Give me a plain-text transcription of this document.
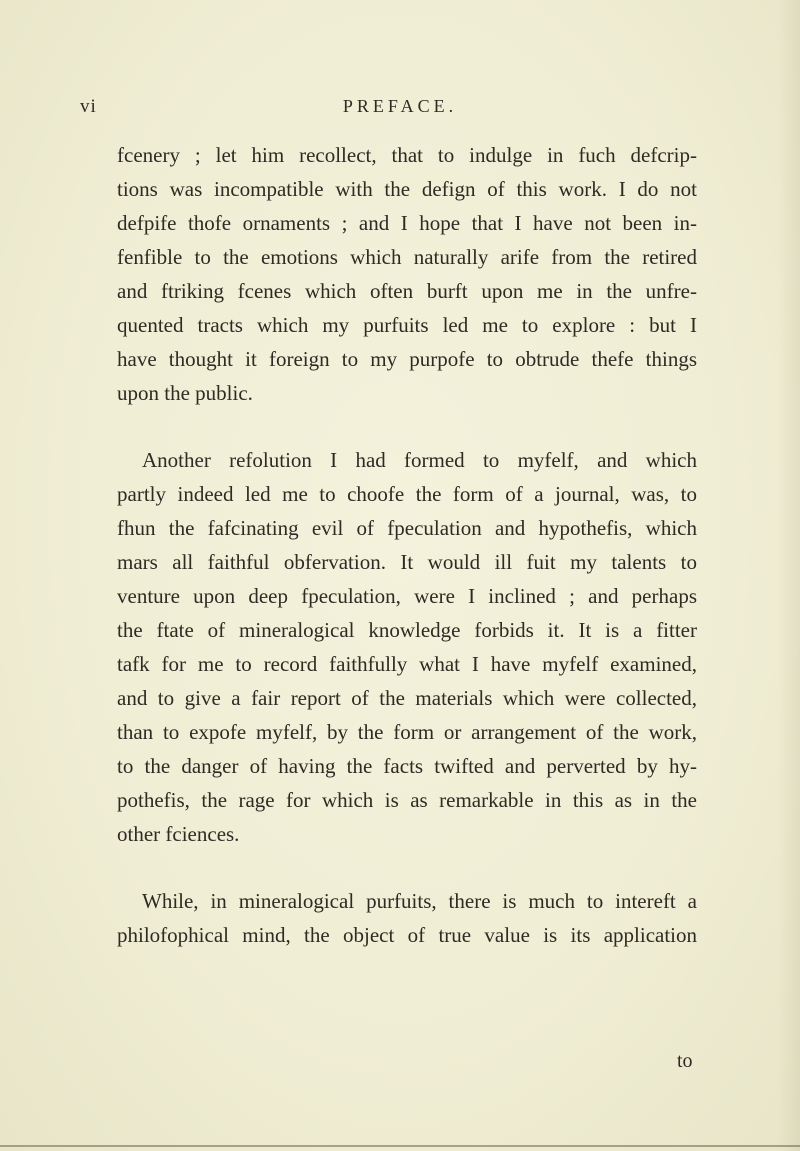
vi	PREFACE.
fcenery ; let him recollect, that to indulge in fuch defcrip-
tions was incompatible with the defign of this work. I do not
defpife thofe ornaments ; and I hope that I have not been in-
fenfible to the emotions which naturally arife from the retired
and ftriking fcenes which often burft upon me in the unfre-
quented tracts which my purfuits led me to explore : but I
have thought it foreign to my purpofe to obtrude thefe things
upon the public.
Another refolution I had formed to myfelf, and which
partly indeed led me to choofe the form of a journal, was, to
fhun the fafcinating evil of fpeculation and hypothefis, which
mars all faithful obfervation. It would ill fuit my talents to
venture upon deep fpeculation, were I inclined ; and perhaps
the ftate of mineralogical knowledge forbids it. It is a fitter
tafk for me to record faithfully what I have myfelf examined,
and to give a fair report of the materials which were collected,
than to expofe myfelf, by the form or arrangement of the work,
to the danger of having the facts twifted and perverted by hy-
pothefis, the rage for which is as remarkable in this as in the
other fciences.
While, in mineralogical purfuits, there is much to intereft a
philofophical mind, the object of true value is its application
to
